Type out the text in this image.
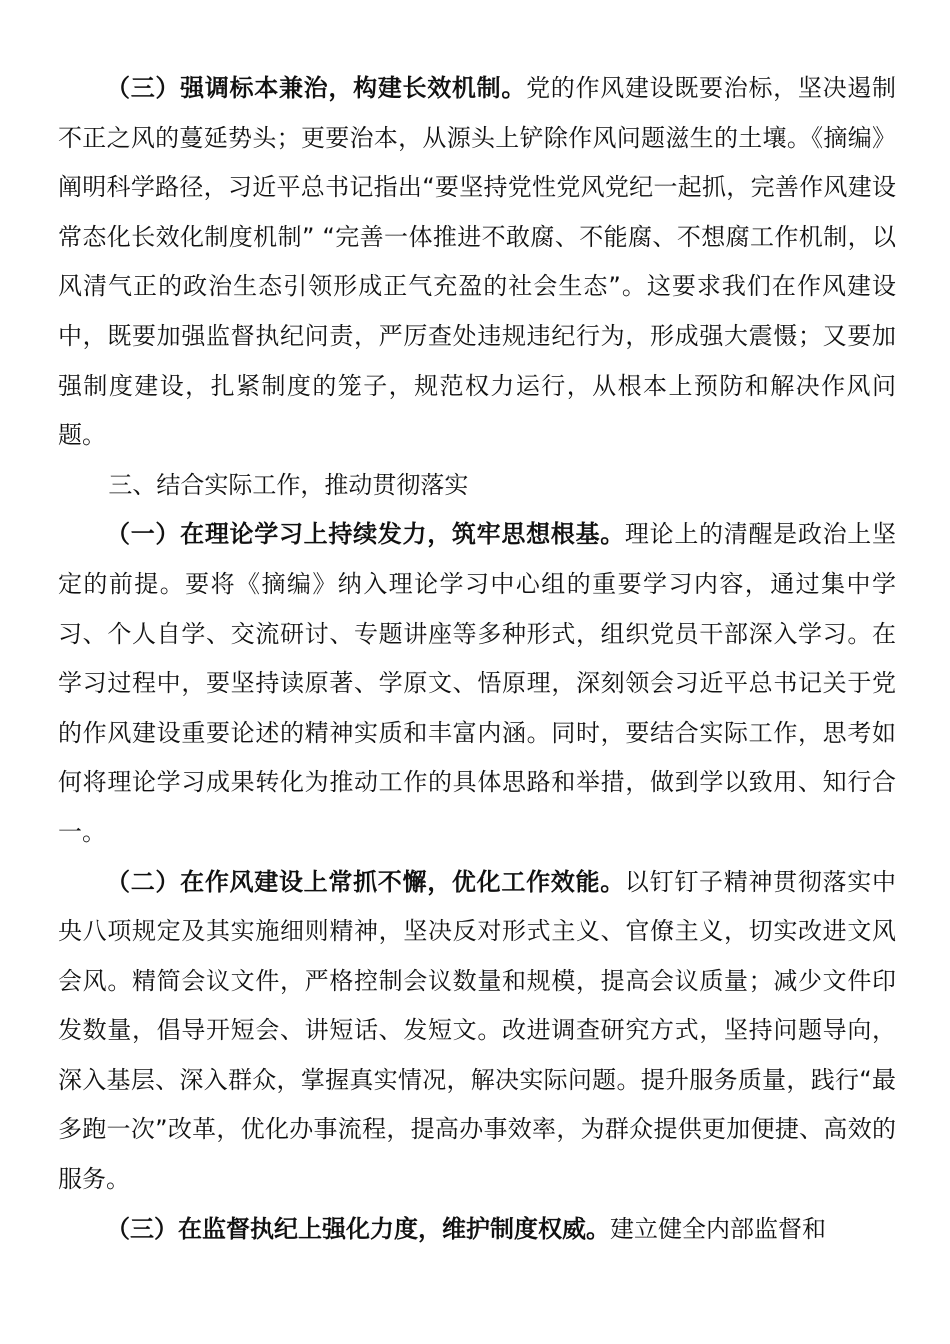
（三）强调标本兼治，构建长效机制。党的作风建设既要治标，坚决遏制不正之风的蔓延势头；更要治本，从源头上铲除作风问题滋生的土壤。《摘编》阐明科学路径，习近平总书记指出“要坚持党性党风党纪一起抓，完善作风建设常态化长效化制度机制” “完善一体推进不敢腐、不能腐、不想腐工作机制，以风清气正的政治生态引领形成正气充盈的社会生态”。这要求我们在作风建设中，既要加强监督执纪问责，严厉查处违规违纪行为，形成强大震慑；又要加强制度建设，扎紧制度的笼子，规范权力运行，从根本上预防和解决作风问题。

三、结合实际工作，推动贯彻落实

（一）在理论学习上持续发力，筑牢思想根基。理论上的清醒是政治上坚定的前提。要将《摘编》纳入理论学习中心组的重要学习内容，通过集中学习、个人自学、交流研讨、专题讲座等多种形式，组织党员干部深入学习。在学习过程中，要坚持读原著、学原文、悟原理，深刻领会习近平总书记关于党的作风建设重要论述的精神实质和丰富内涵。同时，要结合实际工作，思考如何将理论学习成果转化为推动工作的具体思路和举措，做到学以致用、知行合一。

（二）在作风建设上常抓不懈，优化工作效能。以钉钉子精神贯彻落实中央八项规定及其实施细则精神，坚决反对形式主义、官僚主义，切实改进文风会风。精简会议文件，严格控制会议数量和规模，提高会议质量；减少文件印发数量，倡导开短会、讲短话、发短文。改进调查研究方式，坚持问题导向，深入基层、深入群众，掌握真实情况，解决实际问题。提升服务质量，践行“最多跑一次”改革，优化办事流程，提高办事效率，为群众提供更加便捷、高效的服务。

（三）在监督执纪上强化力度，维护制度权威。建立健全内部监督和
